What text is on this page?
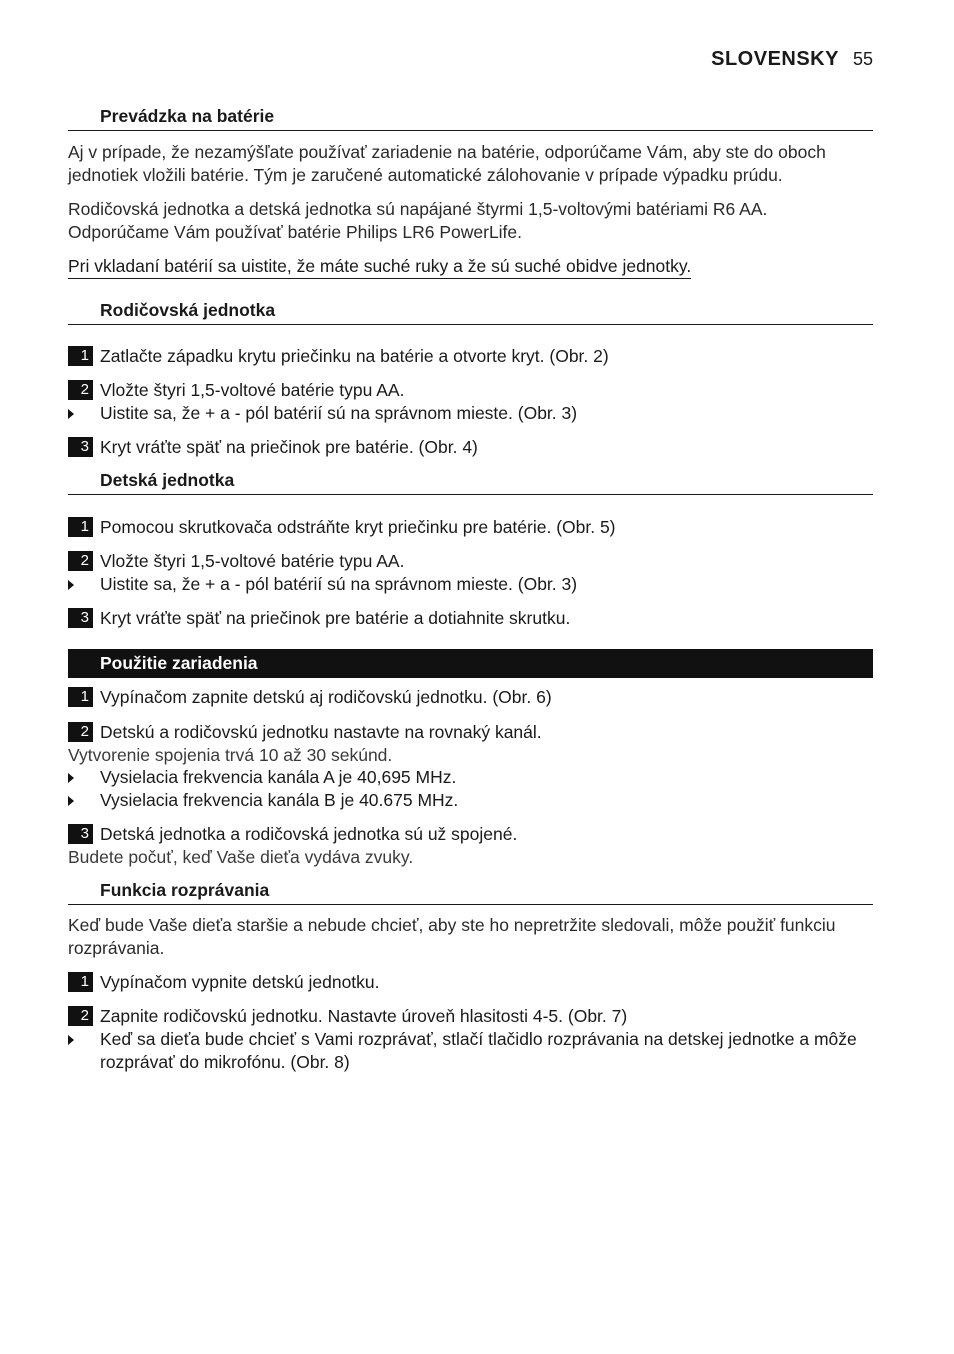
SLOVENSKY 55
Prevádzka na batérie
Aj v prípade, že nezamýšľate používať zariadenie na batérie, odporúčame Vám, aby ste do oboch jednotiek vložili batérie. Tým je zaručené automatické zálohovanie v prípade výpadku prúdu.
Rodičovská jednotka a detská jednotka sú napájané štyrmi 1,5-voltovými batériami R6 AA. Odporúčame Vám používať batérie Philips LR6 PowerLife.
Pri vkladaní batérií sa uistite, že máte suché ruky a že sú suché obidve jednotky.
Rodičovská jednotka
1 Zatlačte západku krytu priečinku na batérie a otvorte kryt. (Obr. 2)
2 Vložte štyri 1,5-voltové batérie typu AA.
Uistite sa, že + a - pól batérií sú na správnom mieste. (Obr. 3)
3 Kryt vráťte späť na priečinok pre batérie. (Obr. 4)
Detská jednotka
1 Pomocou skrutkovača odstráňte kryt priečinku pre batérie. (Obr. 5)
2 Vložte štyri 1,5-voltové batérie typu AA.
Uistite sa, že + a - pól batérií sú na správnom mieste. (Obr. 3)
3 Kryt vráťte späť na priečinok pre batérie a dotiahnite skrutku.
Použitie zariadenia
1 Vypínačom zapnite detskú aj rodičovskú jednotku. (Obr. 6)
2 Detskú a rodičovskú jednotku nastavte na rovnaký kanál.
Vytvorenie spojenia trvá 10 až 30 sekúnd.
Vysielacia frekvencia kanála A je 40,695 MHz.
Vysielacia frekvencia kanála B je 40.675 MHz.
3 Detská jednotka a rodičovská jednotka sú už spojené.
Budete počuť, keď Vaše dieťa vydáva zvuky.
Funkcia rozprávania
Keď bude Vaše dieťa staršie a nebude chcieť, aby ste ho nepretržite sledovali, môže použiť funkciu rozprávania.
1 Vypínačom vypnite detskú jednotku.
2 Zapnite rodičovskú jednotku. Nastavte úroveň hlasitosti 4-5. (Obr. 7)
Keď sa dieťa bude chcieť s Vami rozprávať, stlačí tlačidlo rozprávania na detskej jednotke a môže rozprávať do mikrofónu. (Obr. 8)
